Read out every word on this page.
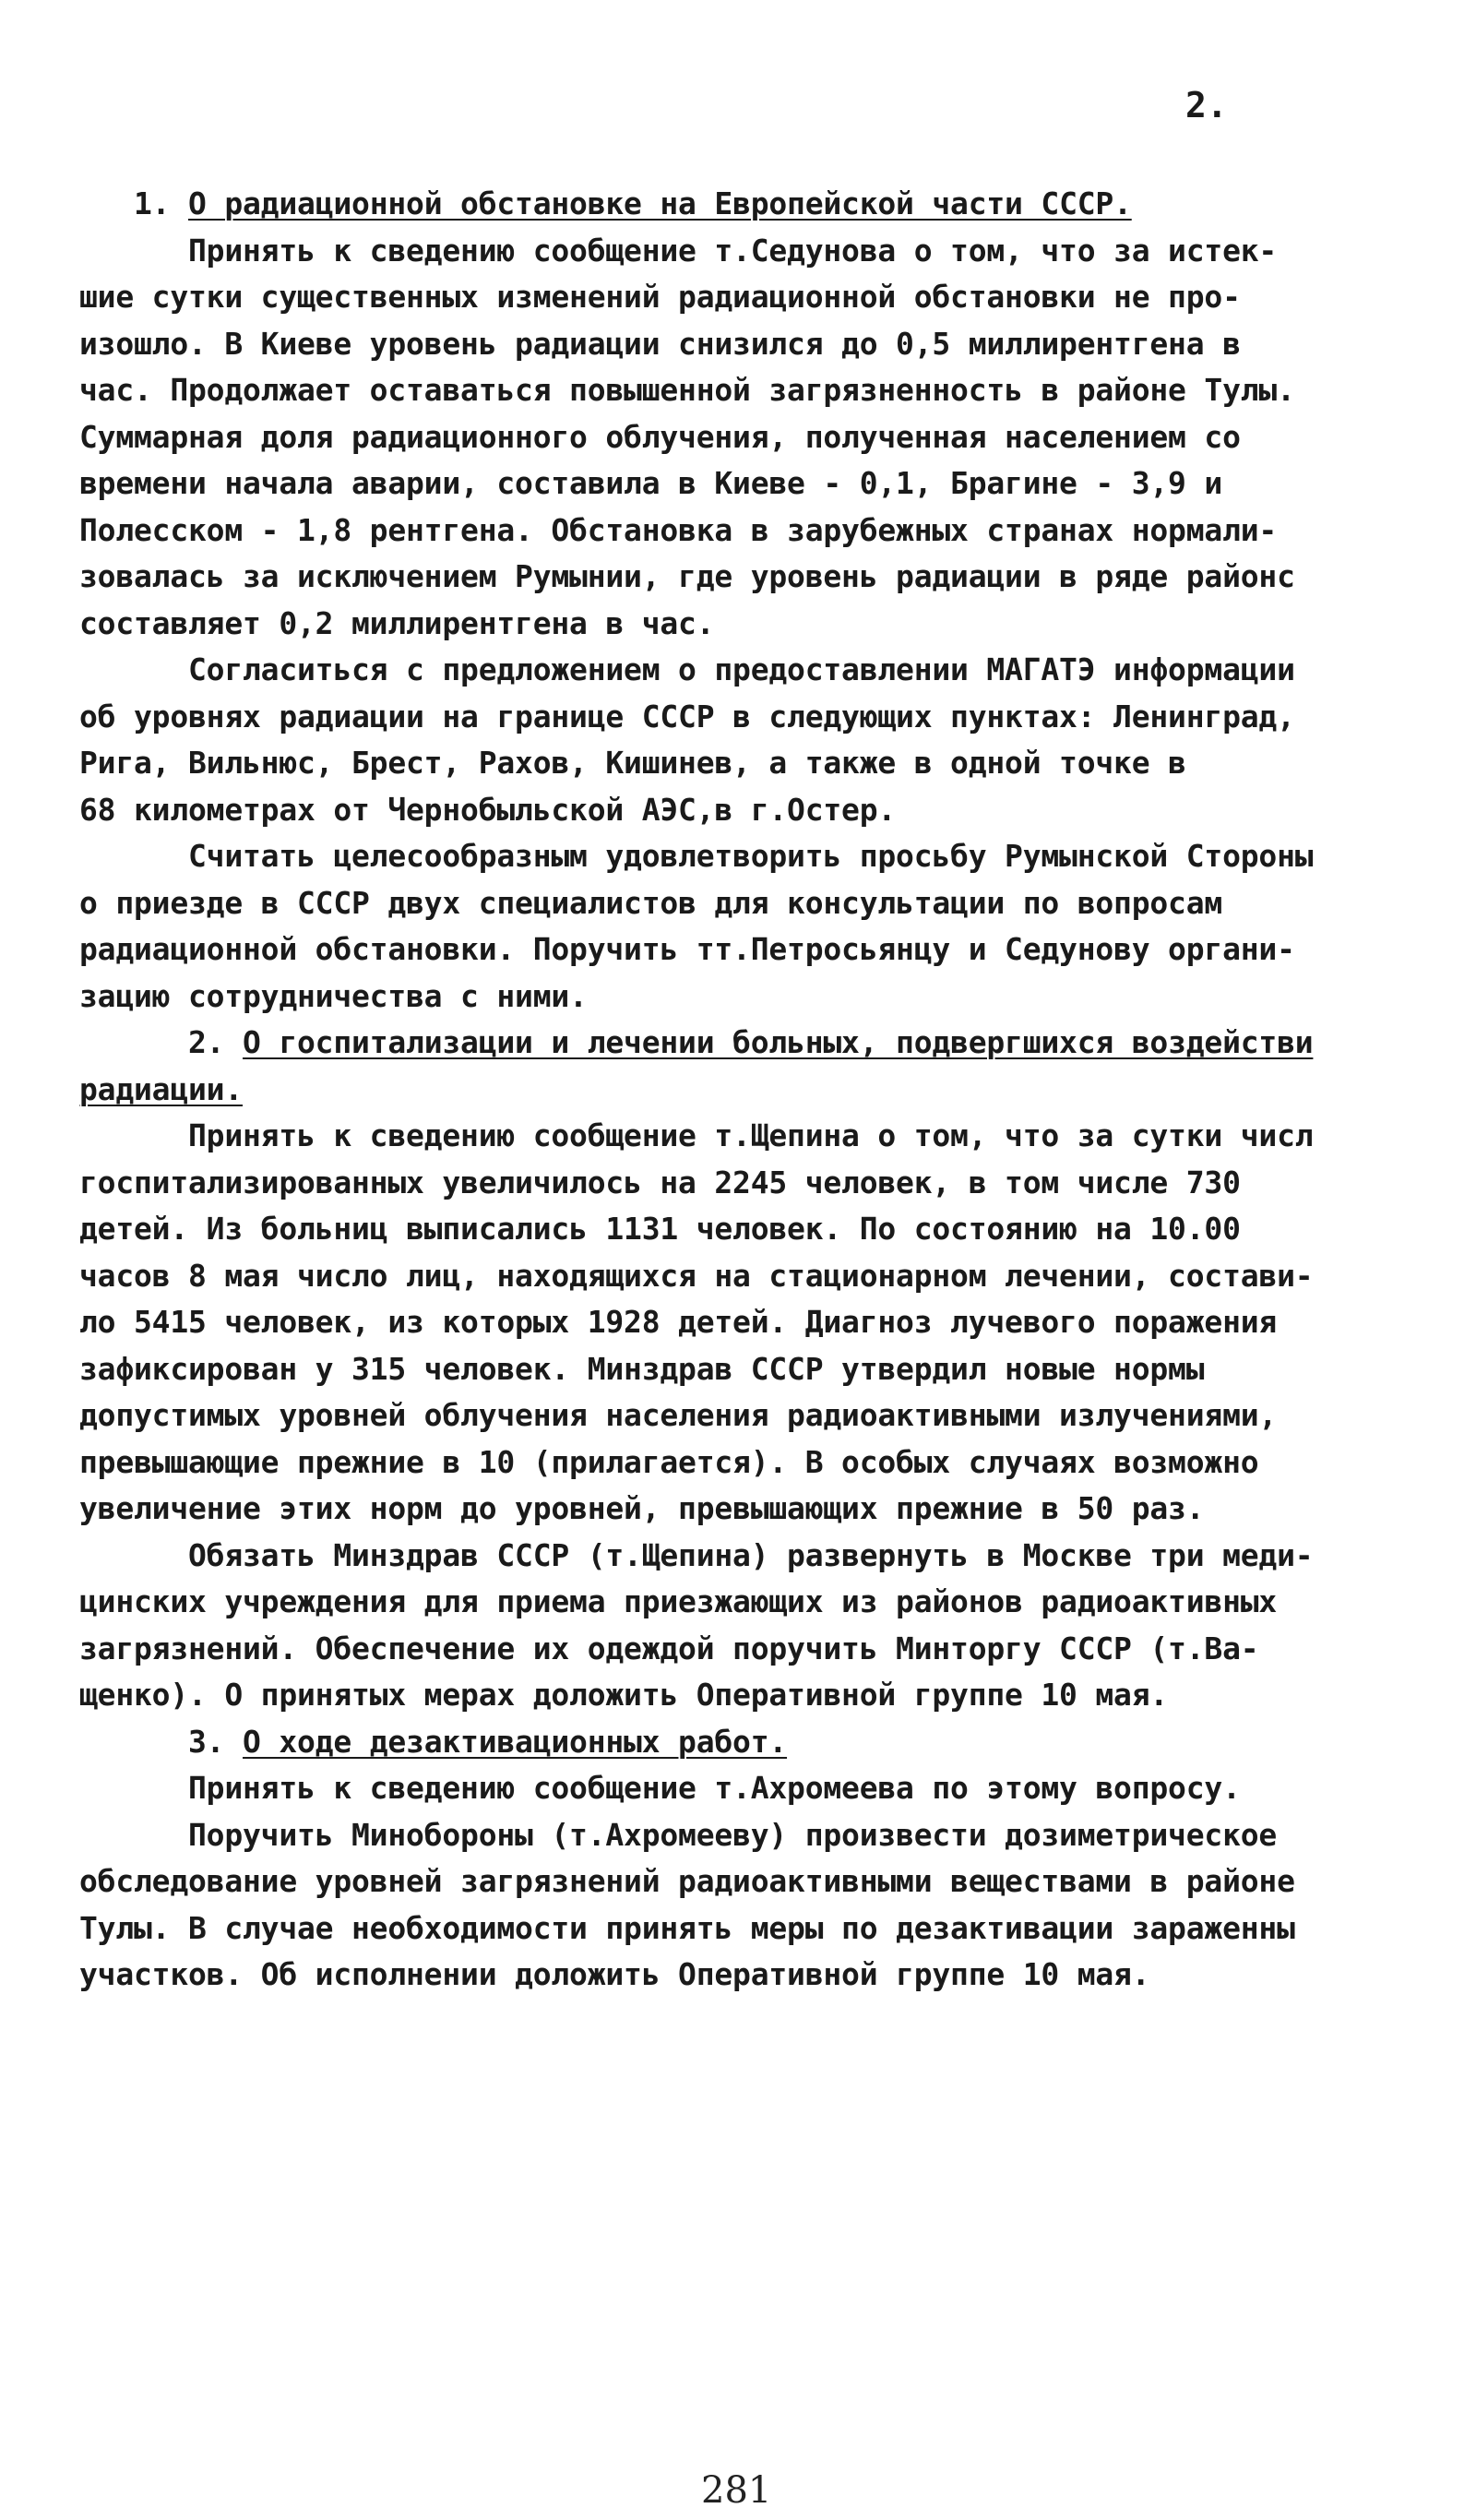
2.
1. О радиационной обстановке на Европейской части СССР.
Принять к сведению сообщение т.Седунова о том, что за истек-
шие сутки существенных изменений радиационной обстановки не про-
изошло. В Киеве уровень радиации снизился до 0,5 миллирентгена в
час. Продолжает оставаться повышенной загрязненность в районе Тулы.
Суммарная доля радиационного облучения, полученная населением со
времени начала аварии, составила в Киеве - 0,1, Брагине - 3,9 и
Полесском - 1,8 рентгена. Обстановка в зарубежных странах нормали-
зовалась за исключением Румынии, где уровень радиации в ряде районс
составляет 0,2 миллирентгена в час.
Согласиться с предложением о предоставлении МАГАТЭ информации
об уровнях радиации на границе СССР в следующих пунктах: Ленинград,
Рига, Вильнюс, Брест, Рахов, Кишинев, а также в одной точке в
68 километрах от Чернобыльской АЭС,в г.Остер.
Считать целесообразным удовлетворить просьбу Румынской Стороны
о приезде в СССР двух специалистов для консультации по вопросам
радиационной обстановки. Поручить тт.Петросьянцу и Седунову органи-
зацию сотрудничества с ними.
2. О госпитализации и лечении больных, подвергшихся воздействи
радиации.
Принять к сведению сообщение т.Щепина о том, что за сутки числ
госпитализированных увеличилось на 2245 человек, в том числе 730
детей. Из больниц выписались 1131 человек. По состоянию на 10.00
часов 8 мая число лиц, находящихся на стационарном лечении, состави-
ло 5415 человек, из которых 1928 детей. Диагноз лучевого поражения
зафиксирован у 315 человек. Минздрав СССР утвердил новые нормы
допустимых уровней облучения населения радиоактивными излучениями,
превышающие прежние в 10 (прилагается). В особых случаях возможно
увеличение этих норм до уровней, превышающих прежние в 50 раз.
Обязать Минздрав СССР (т.Щепина) развернуть в Москве три меди-
цинских учреждения для приема приезжающих из районов радиоактивных
загрязнений. Обеспечение их одеждой поручить Минторгу СССР (т.Ва-
щенко). О принятых мерах доложить Оперативной группе 10 мая.
3. О ходе дезактивационных работ.
Принять к сведению сообщение т.Ахромеева по этому вопросу.
Поручить Минобороны (т.Ахромееву) произвести дозиметрическое
обследование уровней загрязнений радиоактивными веществами в районе
Тулы. В случае необходимости принять меры по дезактивации зараженны
участков. Об исполнении доложить Оперативной группе 10 мая.
281
